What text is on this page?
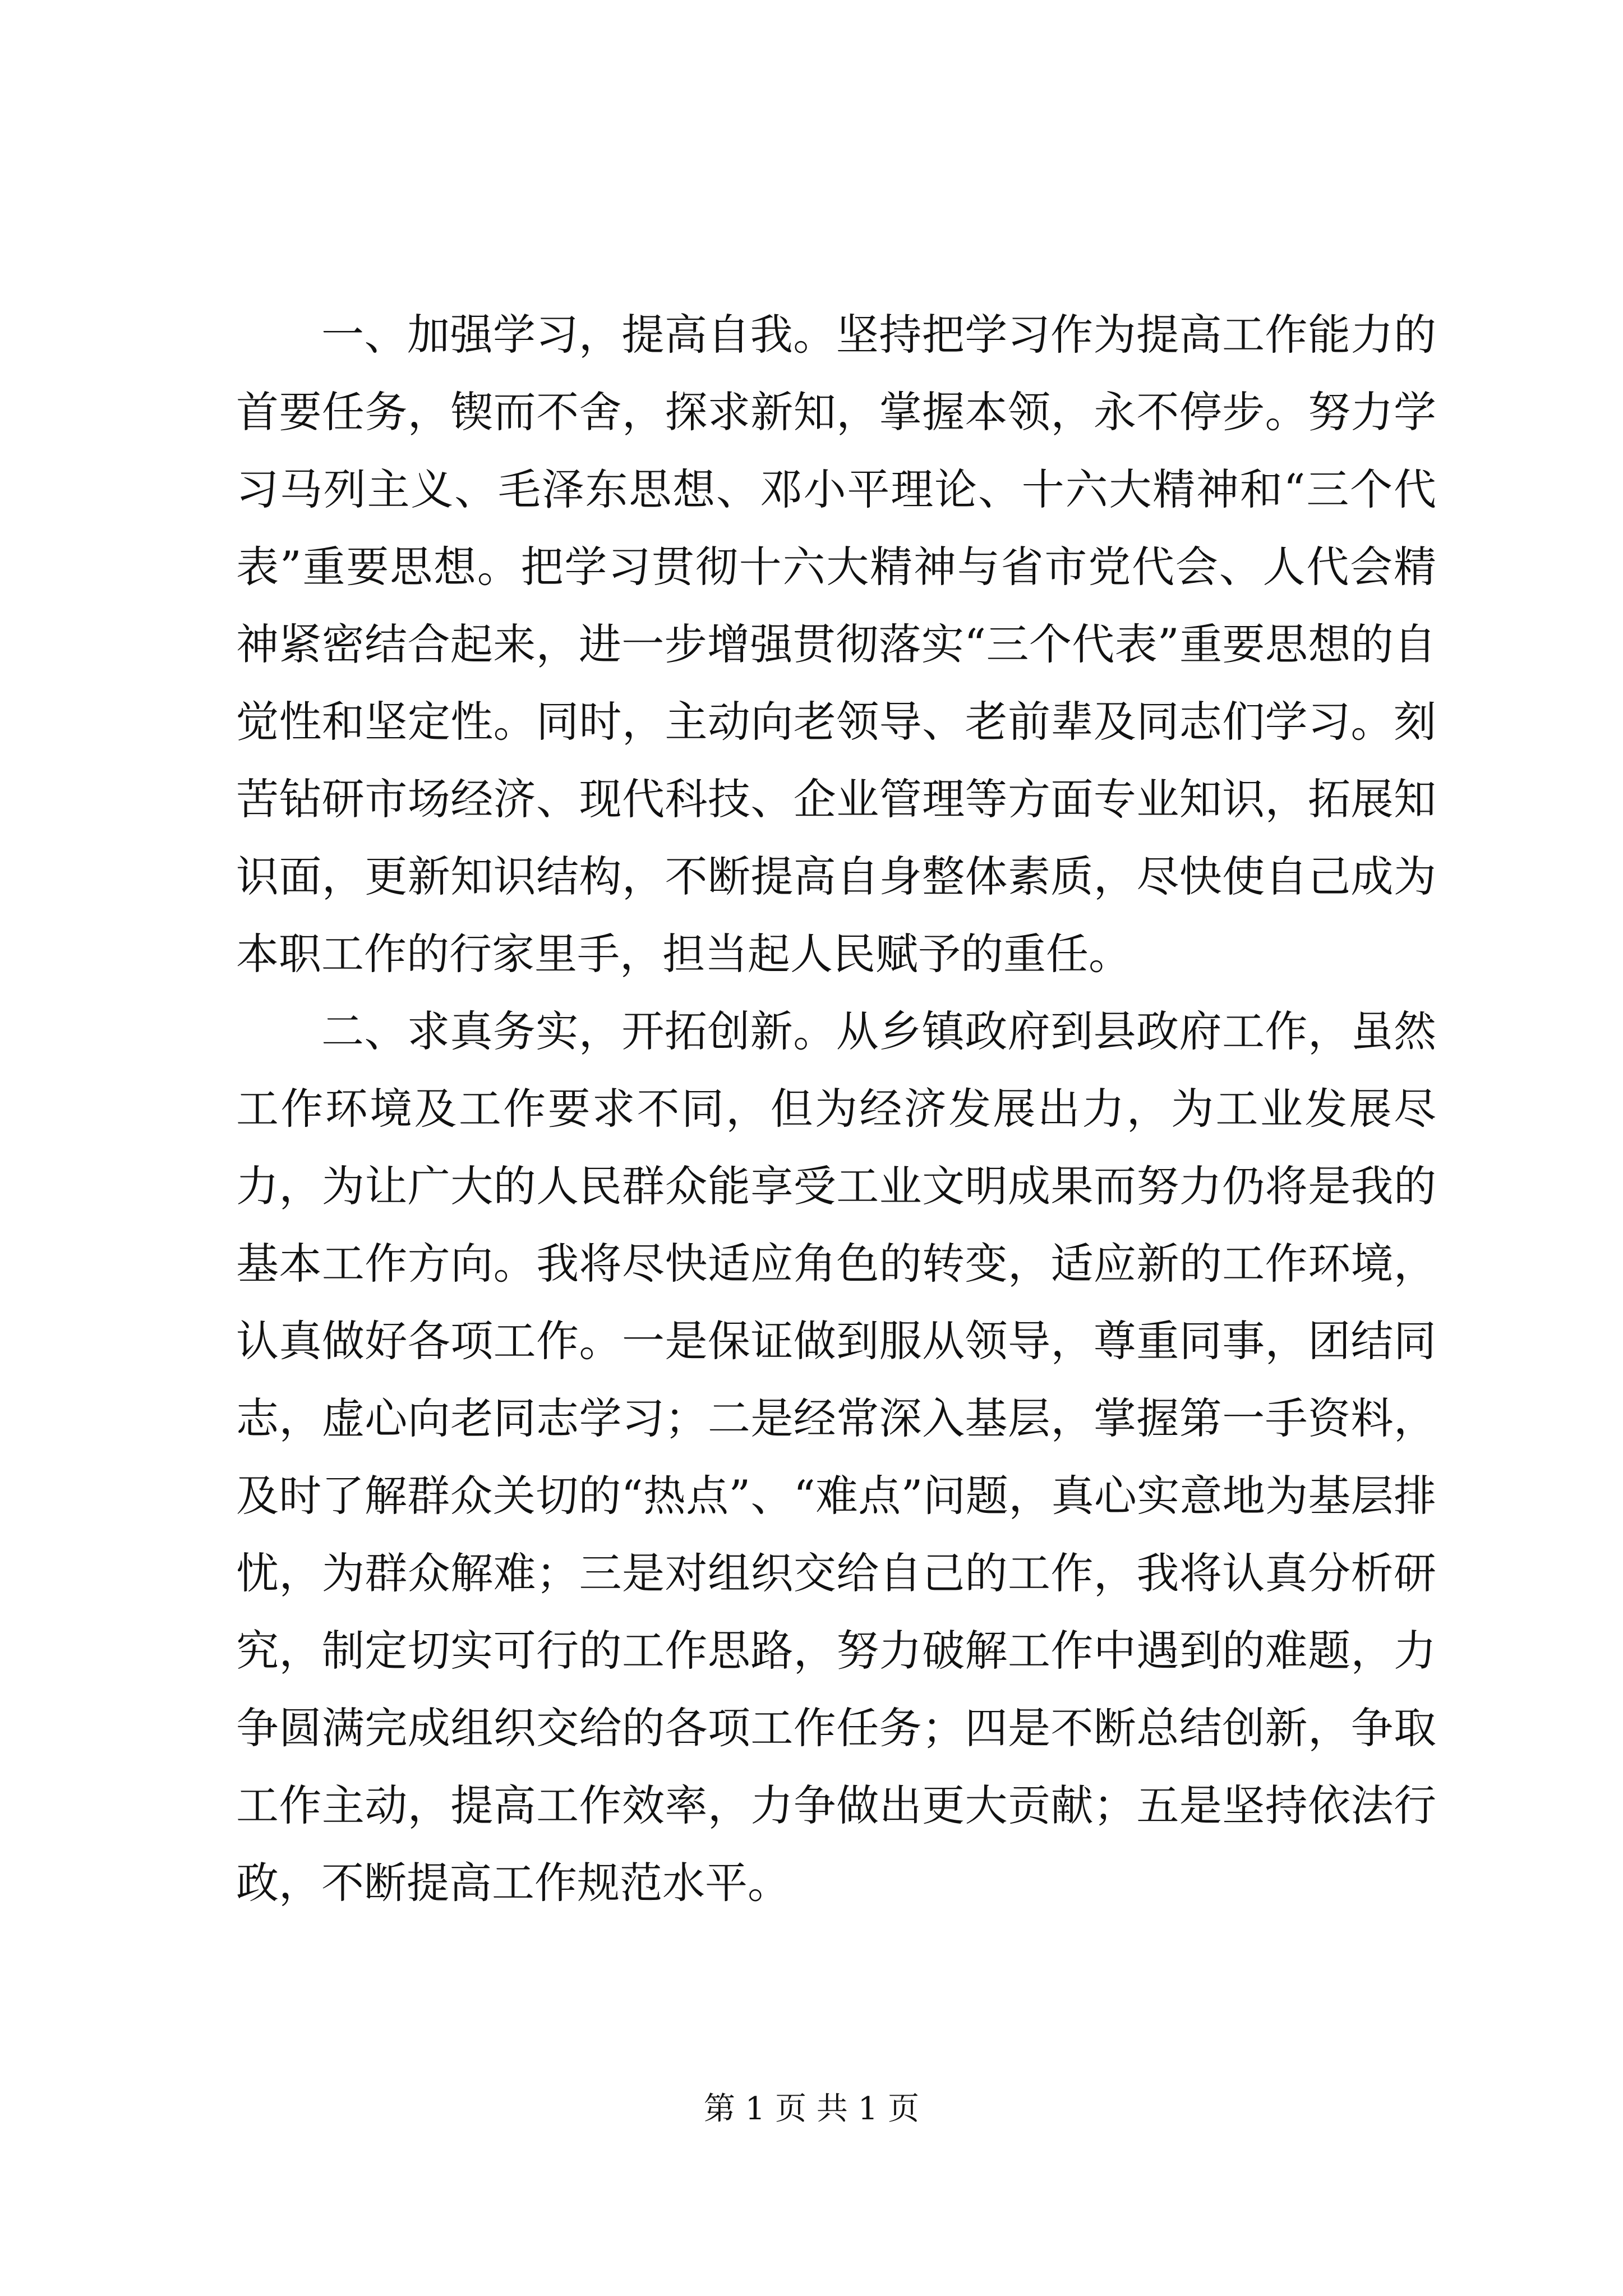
一、加强学习，提高自我。坚持把学习作为提高工作能力的首要任务，锲而不舍，探求新知，掌握本领，永不停步。努力学习马列主义、毛泽东思想、邓小平理论、十六大精神和“三个代表”重要思想。把学习贯彻十六大精神与省市党代会、人代会精神紧密结合起来，进一步增强贯彻落实“三个代表”重要思想的自觉性和坚定性。同时，主动向老领导、老前辈及同志们学习。刻苦钻研市场经济、现代科技、企业管理等方面专业知识，拓展知识面，更新知识结构，不断提高自身整体素质，尽快使自己成为本职工作的行家里手，担当起人民赋予的重任。

二、求真务实，开拓创新。从乡镇政府到县政府工作，虽然工作环境及工作要求不同，但为经济发展出力，为工业发展尽力，为让广大的人民群众能享受工业文明成果而努力仍将是我的基本工作方向。我将尽快适应角色的转变，适应新的工作环境，认真做好各项工作。一是保证做到服从领导，尊重同事，团结同志，虚心向老同志学习；二是经常深入基层，掌握第一手资料，及时了解群众关切的“热点”、“难点”问题，真心实意地为基层排忧，为群众解难；三是对组织交给自己的工作，我将认真分析研究，制定切实可行的工作思路，努力破解工作中遇到的难题，力争圆满完成组织交给的各项工作任务；四是不断总结创新，争取工作主动，提高工作效率，力争做出更大贡献；五是坚持依法行政，不断提高工作规范水平。

第 1 页 共 1 页
